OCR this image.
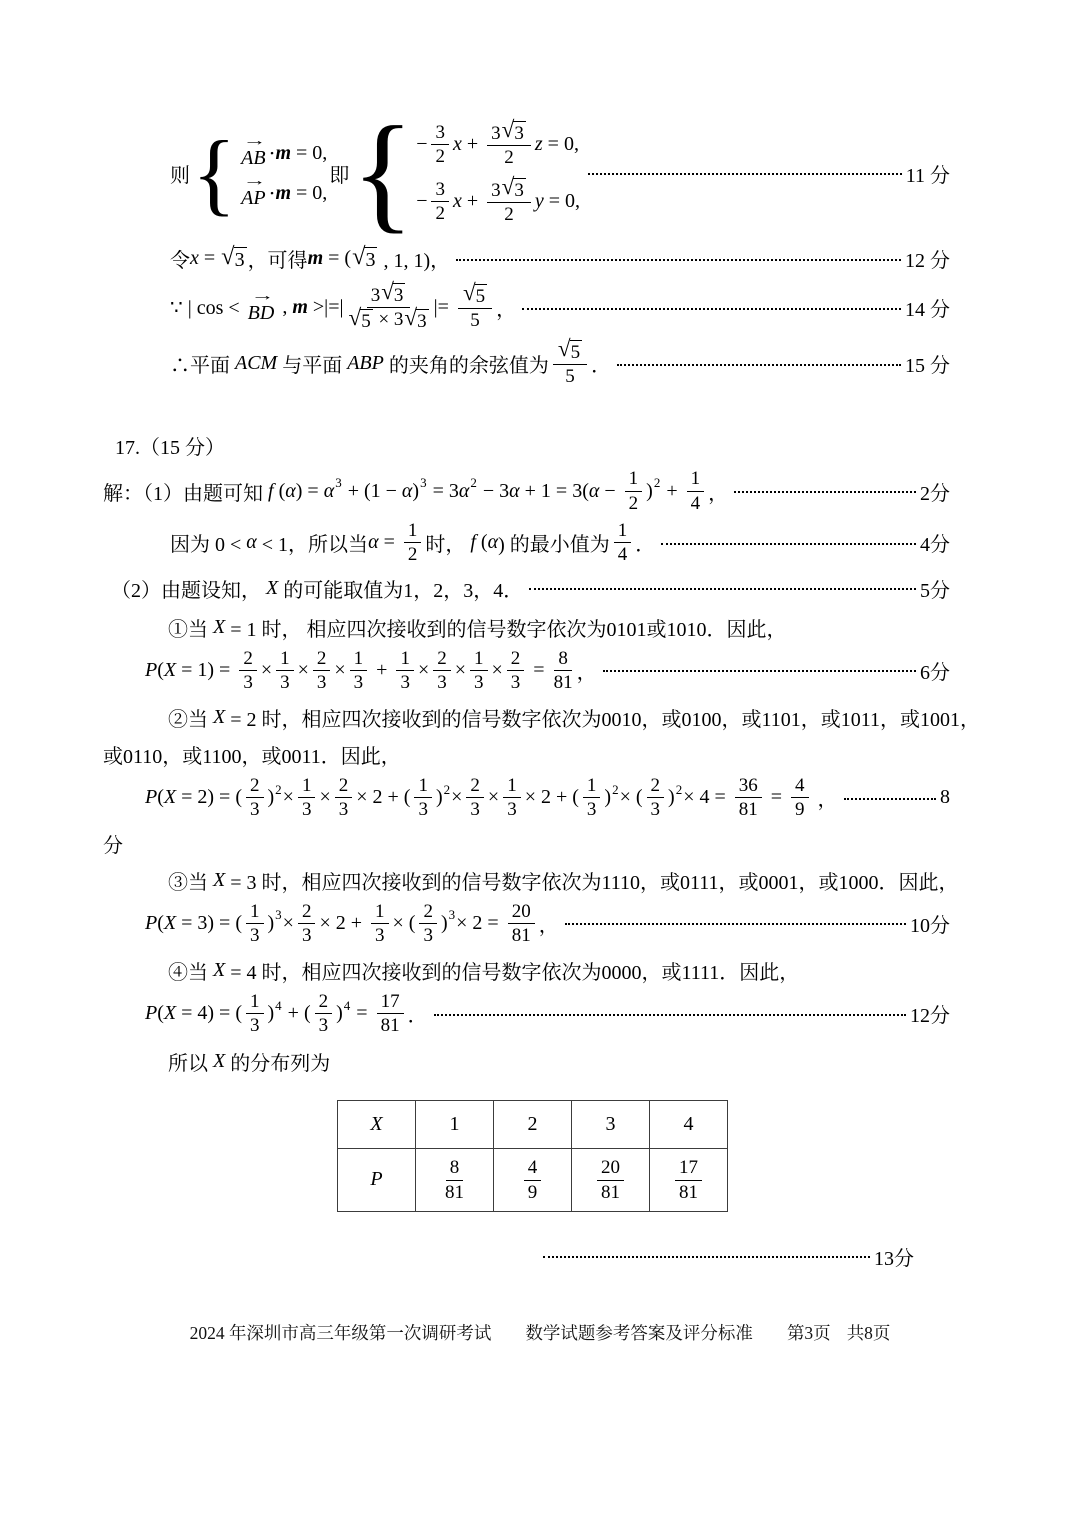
则 { →
AB ⋅ m = 0,
→
AP ⋅ m = 0,
即 { − $\frac{3}{2}$ $x + \frac{3 √ 3}{2}$ z = 0,
− $\frac{3}{2}$ $x + \frac{3 √ 3}{2}$ y = 0,
11 分
令 x = √ 3 ，可得 m = ( √ 3 , 1, 1)，	12 分
∵ | cos <
→
BD , m >|=| $\frac{3 √ 3}{√ 5 \times 3 √ 3}$ |= $\frac{√ 5}{5}$ ，	14 分
∴平面 ACM 与平面 ABP 的夹角的余弦值为 $\frac{√ 5}{5}$ ．	15 分
17.（15 分）
解：（1）由题可知 f ( α ) = α 3 + (1 − α ) 3 = 3 α 2 − 3 α + 1 = 3( $\alpha - \frac{1}{2}$ ) $2 + \frac{1}{4}$ ，	2分
因为 0 < α < 1，所以当 $\alpha = \frac{1}{2}$ 时， f ( α ) 的最小值为 $\frac{1}{4}$ ．	4分
（2）由题设知， X 的可能取值为1，2，3，4．	5分
①当 X = 1 时， 相应四次接收到的信号数字依次为0101或1010．因此，
P ( $X = 1) = \frac{2}{3} \times \frac{1}{3} \times \frac{2}{3} \times \frac{1}{3} + \frac{1}{3} \times \frac{2}{3} \times \frac{1}{3} \times \frac{2}{3} = \frac{8}{81}$ ，	6分
②当 X = 2 时，相应四次接收到的信号数字依次为0010，或0100，或1101，或1011，或1001，
或0110，或1100，或0011．因此，
P ( X = 2) = ( $\frac{2}{3}$ ) $2 \times \frac{1}{3} \times \frac{2}{3} \times 2$ + ( $\frac{1}{3}$ ) $2 \times \frac{2}{3} \times \frac{1}{3} \times 2$ + ( $\frac{1}{3}$ ) 2 × ( $\frac{2}{3}$ ) $2 \times 4 = \frac{36}{81} = \frac{4}{9}$ ，	8
分
③当 X = 3 时，相应四次接收到的信号数字依次为1110，或0111，或0001，或1000．因此，
P ( X = 3) = ( $\frac{1}{3}$ ) $3 \times \frac{2}{3} \times 2 + \frac{1}{3}$ × ( $\frac{2}{3}$ ) $3 \times 2 = \frac{20}{81}$ ，	10分
④当 X = 4 时，相应四次接收到的信号数字依次为0000，或1111．因此，
P ( X = 4) = ( $\frac{1}{3}$ ) 4 + ( $\frac{2}{3}$ ) $4 = \frac{17}{81}$ ．	12分
所以 X 的分布列为
X	1	2	3	4
P	$\frac{8}{81}$	$\frac{4}{9}$	$\frac{20}{81}$	$\frac{17}{81}$
13分
2024 年深圳市高三年级第一次调研考试 数学试题参考答案及评分标准 第3页 共8页
